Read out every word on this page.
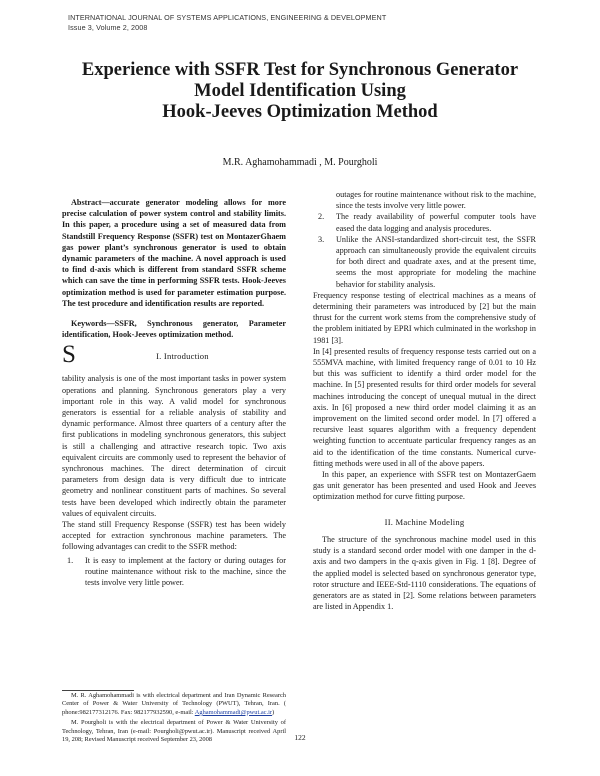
INTERNATIONAL JOURNAL OF SYSTEMS APPLICATIONS, ENGINEERING & DEVELOPMENT
Issue 3, Volume 2, 2008
Experience with SSFR Test for Synchronous Generator
Model Identification Using
Hook-Jeeves Optimization Method
M.R. Aghamohammadi , M. Pourgholi

Abstract—accurate generator modeling allows for more precise calculation of power system control and stability limits. In this paper, a procedure using a set of measured data from Standstill Frequency Response (SSFR) test on MontazerGhaem gas power plant’s synchronous generator is used to obtain dynamic parameters of the machine. A novel approach is used to find d-axis which is different from standard SSFR scheme which can save the time in performing SSFR tests. Hook-Jeeves optimization method is used for parameter estimation purpose. The test procedure and identification results are reported.

Keywords—SSFR, Synchronous generator, Parameter identification, Hook-Jeeves optimization method.

S	I. Introduction

tability analysis is one of the most important tasks in power system operations and planning. Synchronous generators play a very important role in this way. A valid model for synchronous generators is essential for a reliable analysis of stability and dynamic performance. Almost three quarters of a century after the first publications in modeling synchronous generators, this subject is still a challenging and attractive research topic. Two axis equivalent circuits are commonly used to represent the behavior of synchronous machines. The direct determination of circuit parameters from design data is very difficult due to intricate geometry and nonlinear constituent parts of machines. So several tests have been developed which indirectly obtain the parameter values of equivalent circuits.

The stand still Frequency Response (SSFR) test has been widely accepted for extraction synchronous machine parameters. The following advantages can credit to the SSFR method:

1.	It is easy to implement at the factory or during outages for routine maintenance without risk to the machine, since the tests involve very little power.

M. R. Aghamohammadi is with electrical department and Iran Dynamic Research Center of Power & Water University of Technology (PWUT), Tehran, Iran. ( phone:982177312176. Fax: 982177932590, e-mail: Aghamohammadi@pwut.ac.ir)

M. Pourgholi is with the electrical department of Power & Water University of Technology, Tehran, Iran (e-mail: Pourgholi@pwut.ac.ir). Manuscript received April 19, 208; Revised Manuscript received September 23, 2008

outages for routine maintenance without risk to the machine, since the tests involve very little power.
2.	The ready availability of powerful computer tools have eased the data logging and analysis procedures.
3.	Unlike the ANSI-standardized short-circuit test, the SSFR approach can simultaneously provide the equivalent circuits for both direct and quadrate axes, and at the present time, seems the most appropriate for modeling the machine behavior for stability analysis.

Frequency response testing of electrical machines as a means of determining their parameters was introduced by [2] but the main thrust for the current work stems from the comprehensive study of the problem initiated by EPRI which culminated in the workshop in 1981 [3].

In [4] presented results of frequency response tests carried out on a 555MVA machine, with limited frequency range of 0.01 to 10 Hz but this was sufficient to identify a third order model for the machine. In [5] presented results for third order models for several machines introducing the concept of unequal mutual in the direct axis. In [6] proposed a new third order model claiming it as an improvement on the limited second order model. In [7] offered a recursive least squares algorithm with a frequency dependent weighting function to accentuate particular frequency ranges as an aid to the identification of the time constants. Numerical curve-fitting methods were used in all of the above papers.

In this paper, an experience with SSFR test on MontazerGaem gas unit generator has been presented and used Hook and Jeeves optimization method for curve fitting purpose.

II. Machine Modeling

The structure of the synchronous machine model used in this study is a standard second order model with one damper in the d-axis and two dampers in the q-axis given in Fig. 1 [8]. Degree of the applied model is selected based on synchronous generator type, rotor structure and IEEE-Std-1110 considerations. The equations of generators are as stated in [2]. Some relations between parameters are listed in Appendix 1.

122
